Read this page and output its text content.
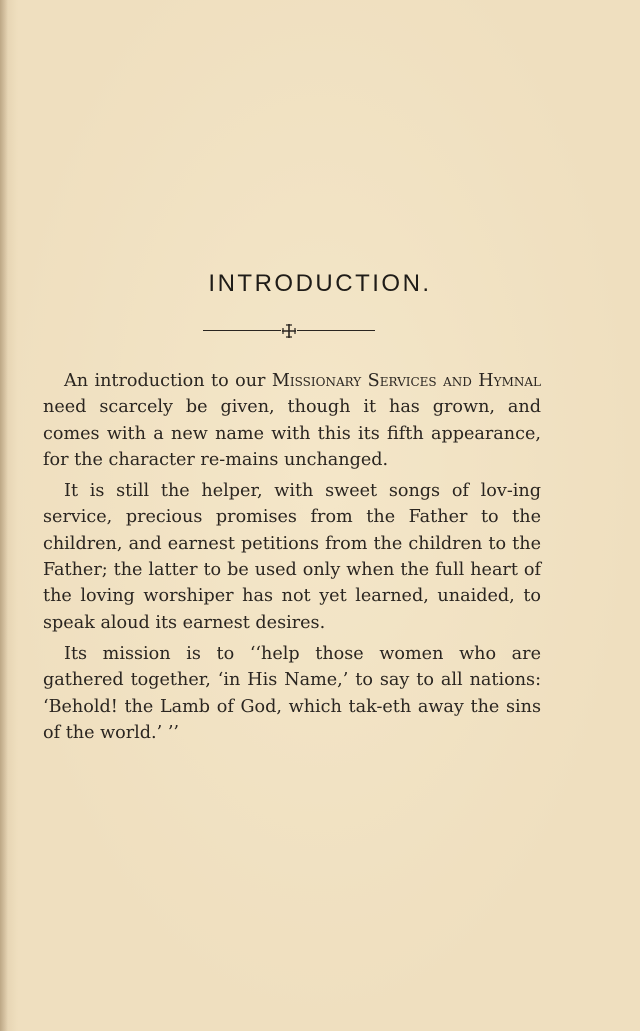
INTRODUCTION.

An introduction to our Missionary Services and Hymnal need scarcely be given, though it has grown, and comes with a new name with this its fifth appearance, for the character re-mains unchanged.

It is still the helper, with sweet songs of lov-ing service, precious promises from the Father to the children, and earnest petitions from the children to the Father; the latter to be used only when the full heart of the loving worshiper has not yet learned, unaided, to speak aloud its earnest desires.

Its mission is to ‘‘help those women who are gathered together, ‘in His Name,’ to say to all nations: ‘Behold! the Lamb of God, which tak-eth away the sins of the world.’ ’’
